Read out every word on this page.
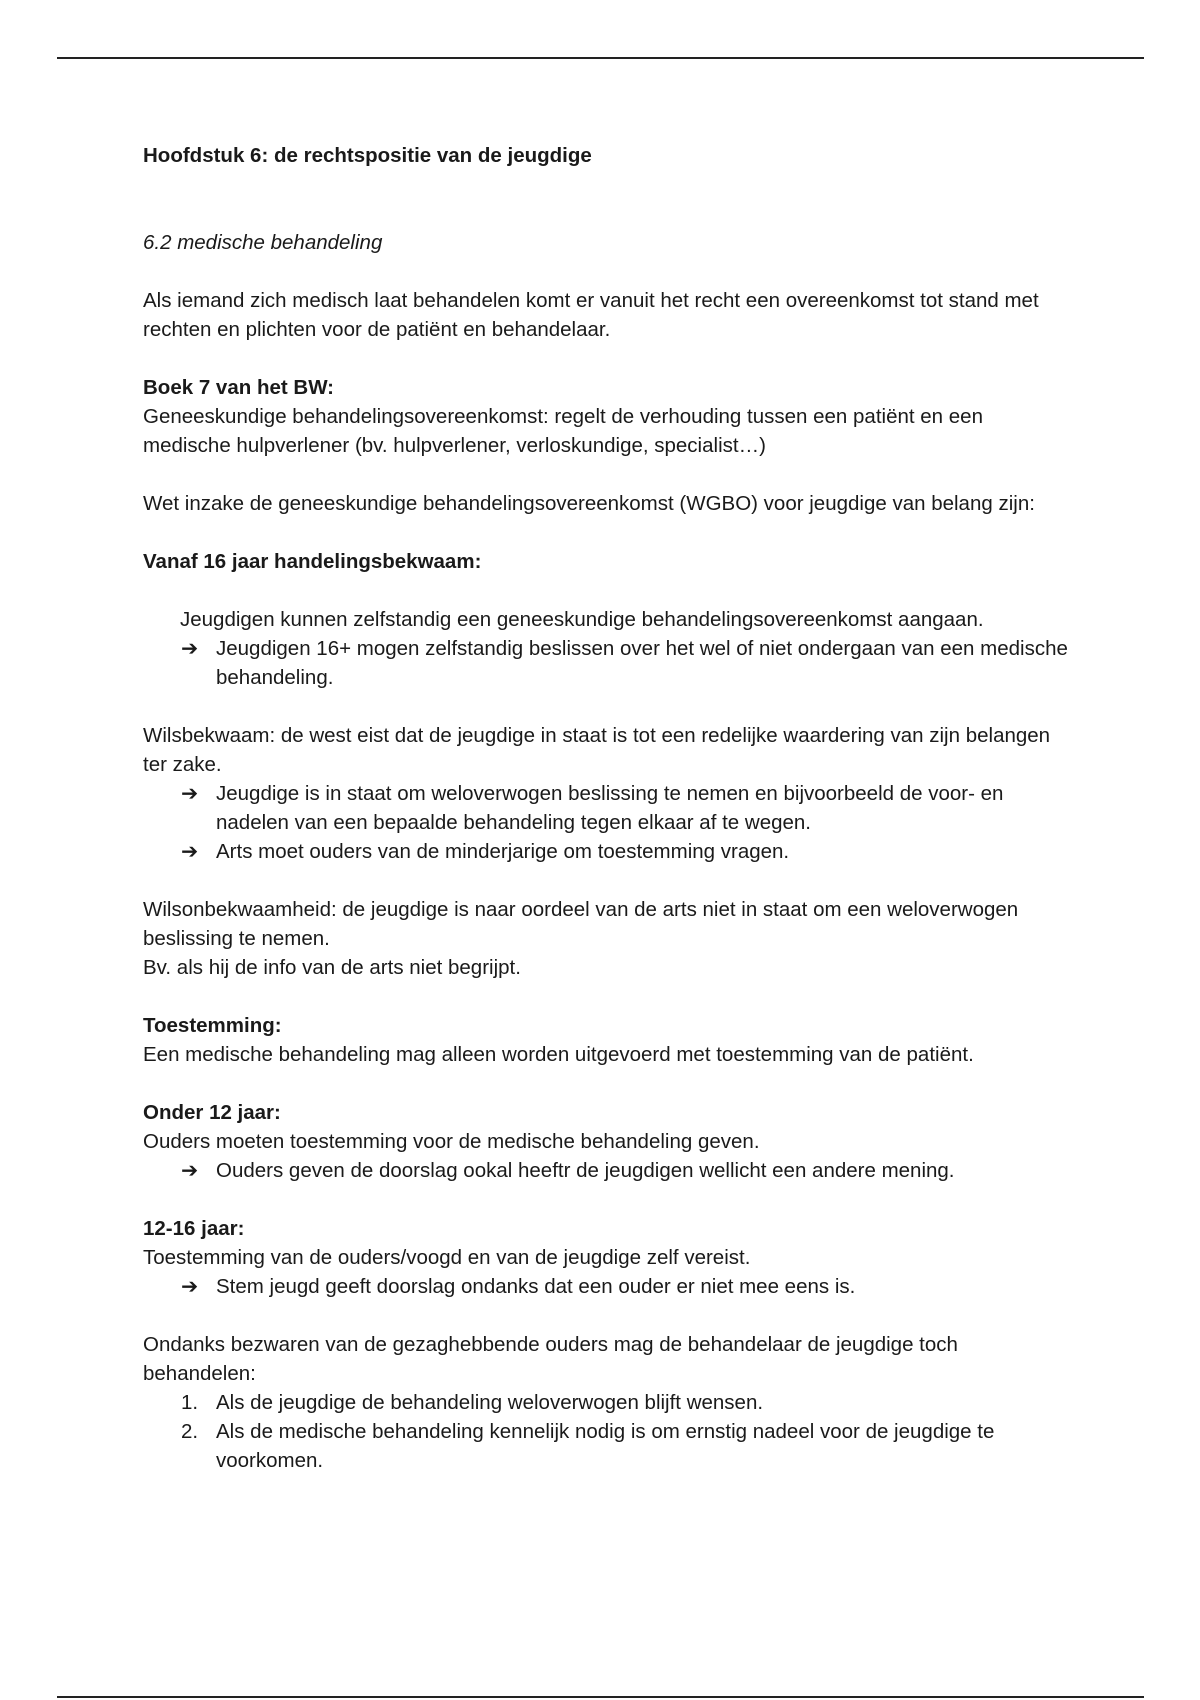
Hoofdstuk 6: de rechtspositie van de jeugdige

6.2 medische behandeling

Als iemand zich medisch laat behandelen komt er vanuit het recht een overeenkomst tot stand met rechten en plichten voor de patiënt en behandelaar.

Boek 7 van het BW:

Geneeskundige behandelingsovereenkomst: regelt de verhouding tussen een patiënt en een medische hulpverlener (bv. hulpverlener, verloskundige, specialist…)

Wet inzake de geneeskundige behandelingsovereenkomst (WGBO) voor jeugdige van belang zijn:

Vanaf 16 jaar handelingsbekwaam:

Jeugdigen kunnen zelfstandig een geneeskundige behandelingsovereenkomst aangaan.

➔ Jeugdigen 16+ mogen zelfstandig beslissen over het wel of niet ondergaan van een medische behandeling.

Wilsbekwaam: de west eist dat de jeugdige in staat is tot een redelijke waardering van zijn belangen ter zake.

➔ Jeugdige is in staat om weloverwogen beslissing te nemen en bijvoorbeeld de voor- en nadelen van een bepaalde behandeling tegen elkaar af te wegen.
➔ Arts moet ouders van de minderjarige om toestemming vragen.

Wilsonbekwaamheid: de jeugdige is naar oordeel van de arts niet in staat om een weloverwogen beslissing te nemen.

Bv. als hij de info van de arts niet begrijpt.

Toestemming:

Een medische behandeling mag alleen worden uitgevoerd met toestemming van de patiënt.

Onder 12 jaar:

Ouders moeten toestemming voor de medische behandeling geven.

➔ Ouders geven de doorslag ookal heeftr de jeugdigen wellicht een andere mening.

12-16 jaar:

Toestemming van de ouders/voogd en van de jeugdige zelf vereist.

➔ Stem jeugd geeft doorslag ondanks dat een ouder er niet mee eens is.

Ondanks bezwaren van de gezaghebbende ouders mag de behandelaar de jeugdige toch behandelen:

1. Als de jeugdige de behandeling weloverwogen blijft wensen.
2. Als de medische behandeling kennelijk nodig is om ernstig nadeel voor de jeugdige te voorkomen.
